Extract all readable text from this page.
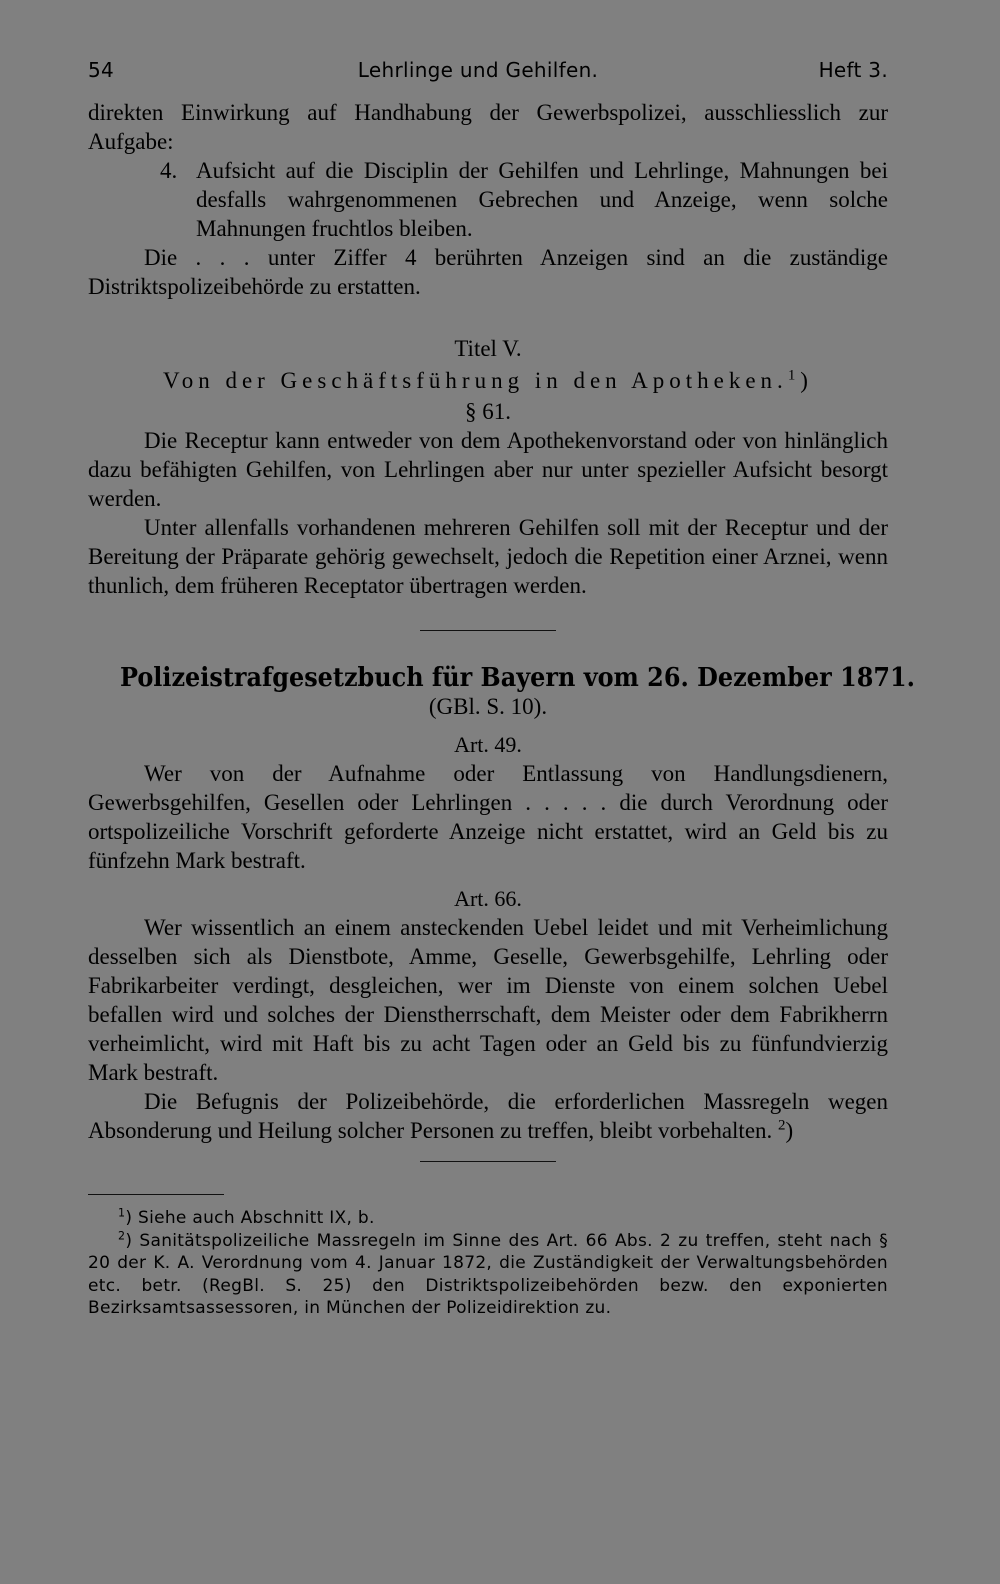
54	Lehrlinge und Gehilfen.	Heft 3.

direkten Einwirkung auf Handhabung der Gewerbspolizei, ausschliesslich zur Aufgabe:

4. Aufsicht auf die Disciplin der Gehilfen und Lehrlinge, Mahnungen bei desfalls wahrgenommenen Gebrechen und Anzeige, wenn solche Mahnungen fruchtlos bleiben.

Die . . . unter Ziffer 4 berührten Anzeigen sind an die zuständige Distriktspolizeibehörde zu erstatten.

Titel V.

Von der Geschäftsführung in den Apotheken.$^1$)

§ 61.

Die Receptur kann entweder von dem Apothekenvorstand oder von hinlänglich dazu befähigten Gehilfen, von Lehrlingen aber nur unter spezieller Aufsicht besorgt werden.

Unter allenfalls vorhandenen mehreren Gehilfen soll mit der Receptur und der Bereitung der Präparate gehörig gewechselt, jedoch die Repetition einer Arznei, wenn thunlich, dem früheren Receptator übertragen werden.

Polizeistrafgesetzbuch für Bayern vom 26. Dezember 1871.

(GBl. S. 10).

Art. 49.

Wer von der Aufnahme oder Entlassung von Handlungsdienern, Gewerbsgehilfen, Gesellen oder Lehrlingen . . . . . die durch Verordnung oder ortspolizeiliche Vorschrift geforderte Anzeige nicht erstattet, wird an Geld bis zu fünfzehn Mark bestraft.

Art. 66.

Wer wissentlich an einem ansteckenden Uebel leidet und mit Verheimlichung desselben sich als Dienstbote, Amme, Geselle, Gewerbsgehilfe, Lehrling oder Fabrikarbeiter verdingt, desgleichen, wer im Dienste von einem solchen Uebel befallen wird und solches der Dienstherrschaft, dem Meister oder dem Fabrikherrn verheimlicht, wird mit Haft bis zu acht Tagen oder an Geld bis zu fünfundvierzig Mark bestraft.

Die Befugnis der Polizeibehörde, die erforderlichen Massregeln wegen Absonderung und Heilung solcher Personen zu treffen, bleibt vorbehalten. $^2$)

$^1$) Siehe auch Abschnitt IX, b.

$^2$) Sanitätspolizeiliche Massregeln im Sinne des Art. 66 Abs. 2 zu treffen, steht nach § 20 der K. A. Verordnung vom 4. Januar 1872, die Zuständigkeit der Verwaltungsbehörden etc. betr. (RegBl. S. 25) den Distriktspolizeibehörden bezw. den exponierten Bezirksamtsassessoren, in München der Polizeidirektion zu.
